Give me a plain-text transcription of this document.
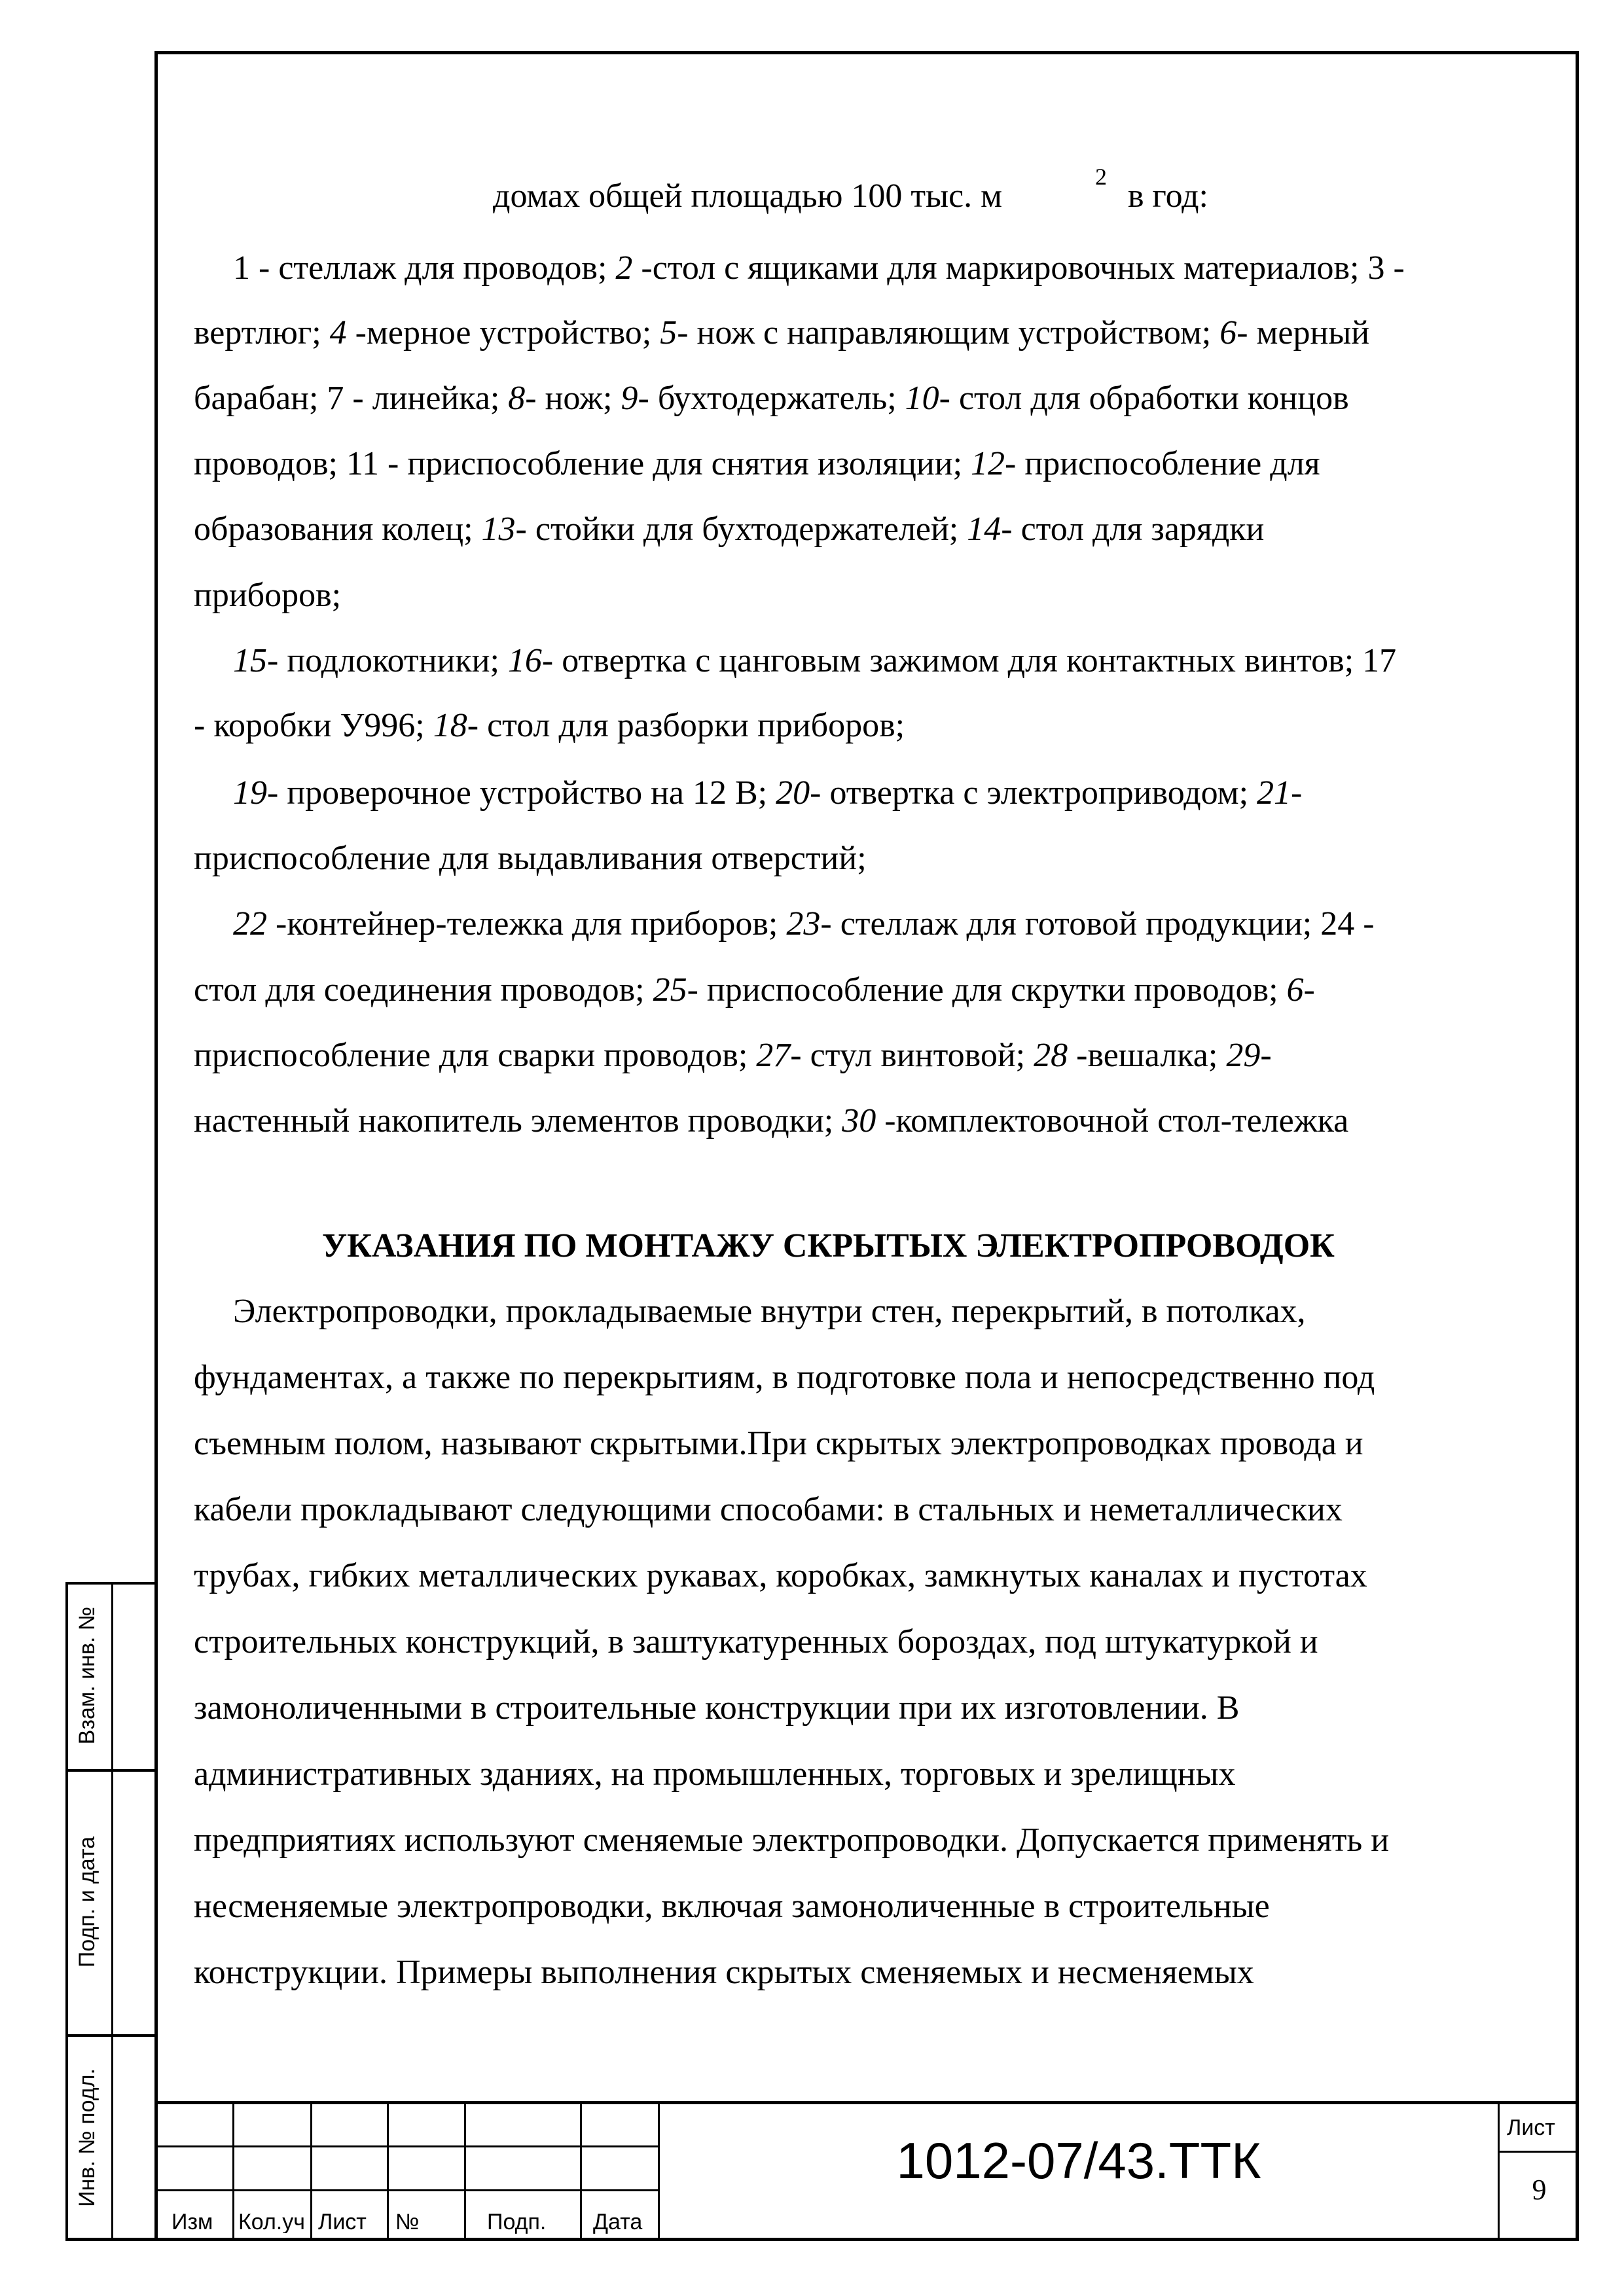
Взам. инв. №
Подп. и дата
Инв. № подл.
Изм Кол.уч Лист №	Подп. Дата
1012-07/43.ТТК
Лист
9
домах общей площадью 100 тыс. м
2
в год:
1 - стеллаж для проводов; 2 -стол с ящиками для маркировочных материалов; 3 -
вертлюг; 4 -мерное устройство; 5- нож с направляющим устройством; 6- мерный
барабан; 7 - линейка; 8- нож; 9- бухтодержатель; 10- стол для обработки концов
проводов; 11 - приспособление для снятия изоляции; 12- приспособление для
образования колец; 13- стойки для бухтодержателей; 14- стол для зарядки
приборов;
15- подлокотники; 16- отвертка с цанговым зажимом для контактных винтов; 17
- коробки У996; 18- стол для разборки приборов;
19- проверочное устройство на 12 В; 20- отвертка с электроприводом; 21-
приспособление для выдавливания отверстий;
22 -контейнер-тележка для приборов; 23- стеллаж для готовой продукции; 24 -
стол для соединения проводов; 25- приспособление для скрутки проводов; 6-
приспособление для сварки проводов; 27- стул винтовой; 28 -вешалка; 29-
настенный накопитель элементов проводки; 30 -комплектовочной стол-тележка
УКАЗАНИЯ ПО МОНТАЖУ СКРЫТЫХ ЭЛЕКТРОПРОВОДОК
Электропроводки, прокладываемые внутри стен, перекрытий, в потолках,
фундаментах, а также по перекрытиям, в подготовке пола и непосредственно под
съемным полом, называют скрытыми.При скрытых электропроводках провода и
кабели прокладывают следующими способами: в стальных и неметаллических
трубах, гибких металлических рукавах, коробках, замкнутых каналах и пустотах
строительных конструкций, в заштукатуренных бороздах, под штукатуркой и
замоноличенными в строительные конструкции при их изготовлении. В
административных зданиях, на промышленных, торговых и зрелищных
предприятиях используют сменяемые электропроводки. Допускается применять и
несменяемые электропроводки, включая замоноличенные в строительные
конструкции. Примеры выполнения скрытых сменяемых и несменяемых
